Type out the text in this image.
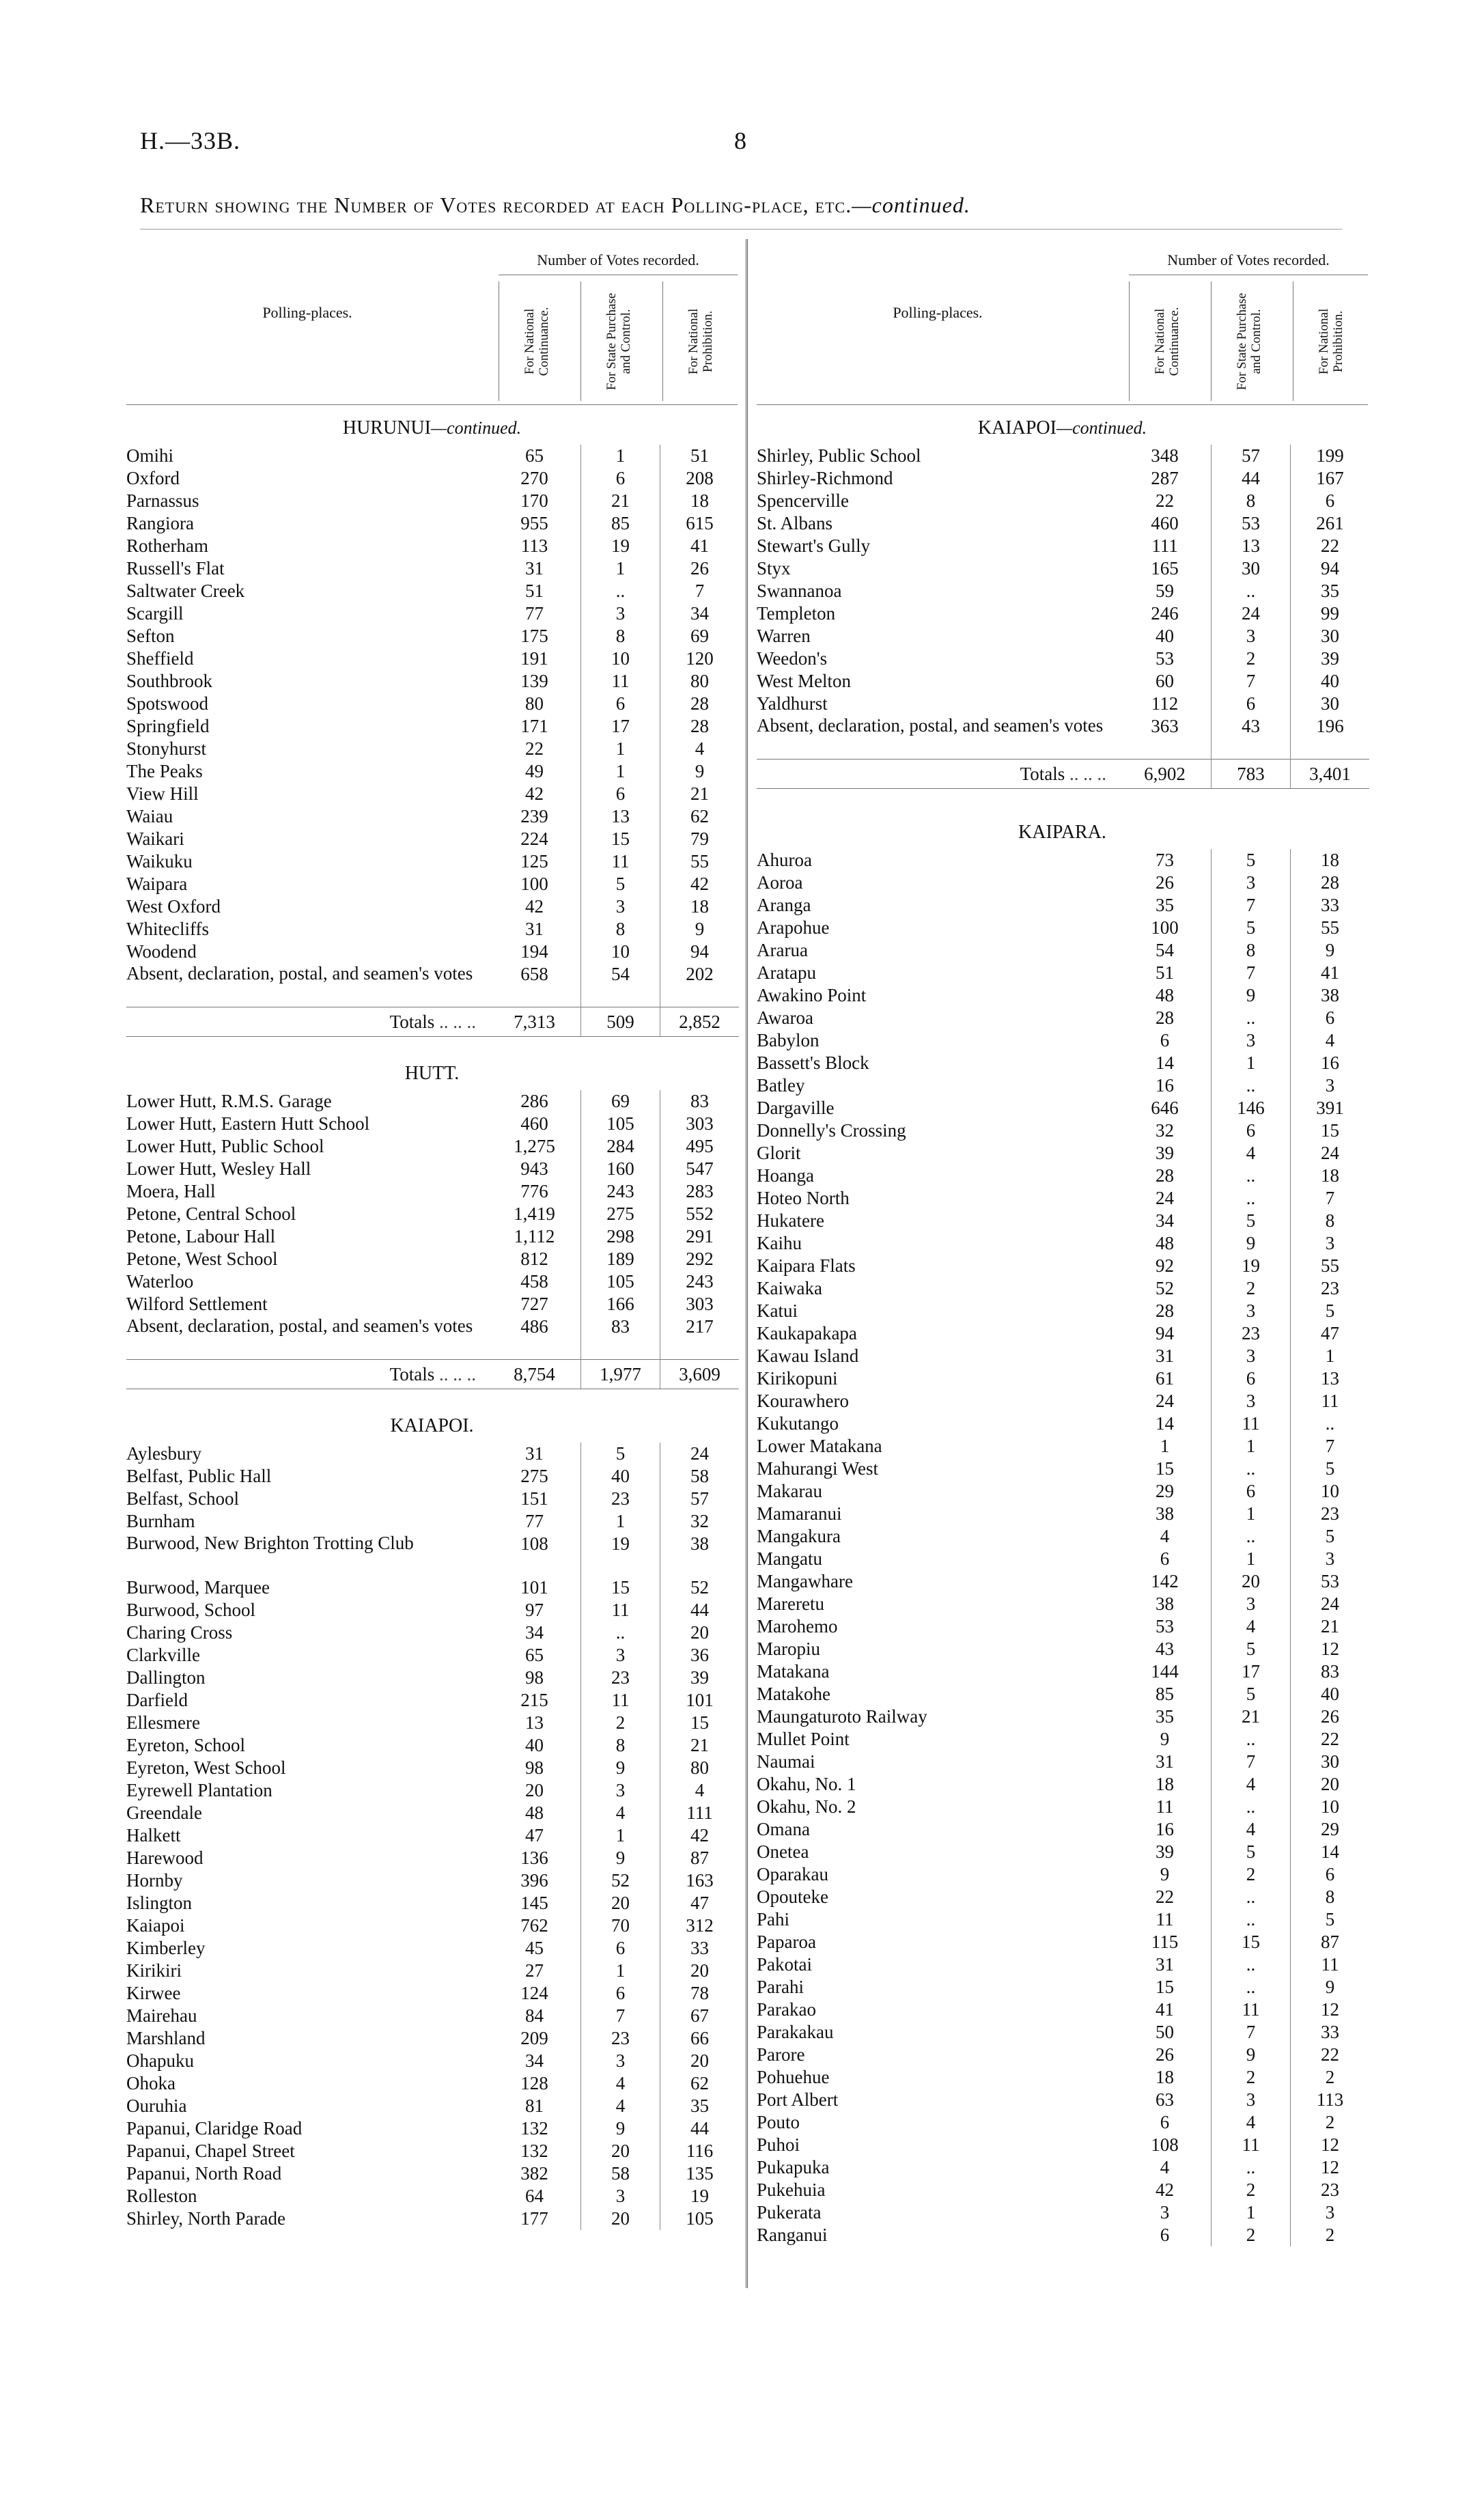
H.—33B.	8
Return showing the Number of Votes recorded at each Polling-place, etc.—continued.
Polling-places.
Number of Votes recorded.
For National Continuance.	For State Purchase and Control.	For National Prohibition.
HURUNUI—continued.
Omihi	65	1	51
Oxford	270	6	208
Parnassus	170	21	18
Rangiora	955	85	615
Rotherham	113	19	41
Russell's Flat	31	1	26
Saltwater Creek	51	..	7
Scargill	77	3	34
Sefton	175	8	69
Sheffield	191	10	120
Southbrook	139	11	80
Spotswood	80	6	28
Springfield	171	17	28
Stonyhurst	22	1	4
The Peaks	49	1	9
View Hill	42	6	21
Waiau	239	13	62
Waikari	224	15	79
Waikuku	125	11	55
Waipara	100	5	42
West Oxford	42	3	18
Whitecliffs	31	8	9
Woodend	194	10	94
Absent, declaration, postal, and seamen's votes	658	54	202
Totals .. .. ..	7,313	509	2,852
HUTT.
Lower Hutt, R.M.S. Garage	286	69	83
Lower Hutt, Eastern Hutt School	460	105	303
Lower Hutt, Public School	1,275	284	495
Lower Hutt, Wesley Hall	943	160	547
Moera, Hall	776	243	283
Petone, Central School	1,419	275	552
Petone, Labour Hall	1,112	298	291
Petone, West School	812	189	292
Waterloo	458	105	243
Wilford Settlement	727	166	303
Absent, declaration, postal, and seamen's votes	486	83	217
Totals .. .. ..	8,754	1,977	3,609
KAIAPOI.
Aylesbury	31	5	24
Belfast, Public Hall	275	40	58
Belfast, School	151	23	57
Burnham	77	1	32
Burwood, New Brighton Trotting Club	108	19	38
Burwood, Marquee	101	15	52
Burwood, School	97	11	44
Charing Cross	34	..	20
Clarkville	65	3	36
Dallington	98	23	39
Darfield	215	11	101
Ellesmere	13	2	15
Eyreton, School	40	8	21
Eyreton, West School	98	9	80
Eyrewell Plantation	20	3	4
Greendale	48	4	111
Halkett	47	1	42
Harewood	136	9	87
Hornby	396	52	163
Islington	145	20	47
Kaiapoi	762	70	312
Kimberley	45	6	33
Kirikiri	27	1	20
Kirwee	124	6	78
Mairehau	84	7	67
Marshland	209	23	66
Ohapuku	34	3	20
Ohoka	128	4	62
Ouruhia	81	4	35
Papanui, Claridge Road	132	9	44
Papanui, Chapel Street	132	20	116
Papanui, North Road	382	58	135
Rolleston	64	3	19
Shirley, North Parade	177	20	105
Polling-places.
Number of Votes recorded.
For National Continuance.	For State Purchase and Control.	For National Prohibition.
KAIAPOI—continued.
Shirley, Public School	348	57	199
Shirley-Richmond	287	44	167
Spencerville	22	8	6
St. Albans	460	53	261
Stewart's Gully	111	13	22
Styx	165	30	94
Swannanoa	59	..	35
Templeton	246	24	99
Warren	40	3	30
Weedon's	53	2	39
West Melton	60	7	40
Yaldhurst	112	6	30
Absent, declaration, postal, and seamen's votes	363	43	196
Totals .. .. ..	6,902	783	3,401
KAIPARA.
Ahuroa	73	5	18
Aoroa	26	3	28
Aranga	35	7	33
Arapohue	100	5	55
Ararua	54	8	9
Aratapu	51	7	41
Awakino Point	48	9	38
Awaroa	28	..	6
Babylon	6	3	4
Bassett's Block	14	1	16
Batley	16	..	3
Dargaville	646	146	391
Donnelly's Crossing	32	6	15
Glorit	39	4	24
Hoanga	28	..	18
Hoteo North	24	..	7
Hukatere	34	5	8
Kaihu	48	9	3
Kaipara Flats	92	19	55
Kaiwaka	52	2	23
Katui	28	3	5
Kaukapakapa	94	23	47
Kawau Island	31	3	1
Kirikopuni	61	6	13
Kourawhero	24	3	11
Kukutango	14	11	..
Lower Matakana	1	1	7
Mahurangi West	15	..	5
Makarau	29	6	10
Mamaranui	38	1	23
Mangakura	4	..	5
Mangatu	6	1	3
Mangawhare	142	20	53
Mareretu	38	3	24
Marohemo	53	4	21
Maropiu	43	5	12
Matakana	144	17	83
Matakohe	85	5	40
Maungaturoto Railway	35	21	26
Mullet Point	9	..	22
Naumai	31	7	30
Okahu, No. 1	18	4	20
Okahu, No. 2	11	..	10
Omana	16	4	29
Onetea	39	5	14
Oparakau	9	2	6
Opouteke	22	..	8
Pahi	11	..	5
Paparoa	115	15	87
Pakotai	31	..	11
Parahi	15	..	9
Parakao	41	11	12
Parakakau	50	7	33
Parore	26	9	22
Pohuehue	18	2	2
Port Albert	63	3	113
Pouto	6	4	2
Puhoi	108	11	12
Pukapuka	4	..	12
Pukehuia	42	2	23
Pukerata	3	1	3
Ranganui	6	2	2
